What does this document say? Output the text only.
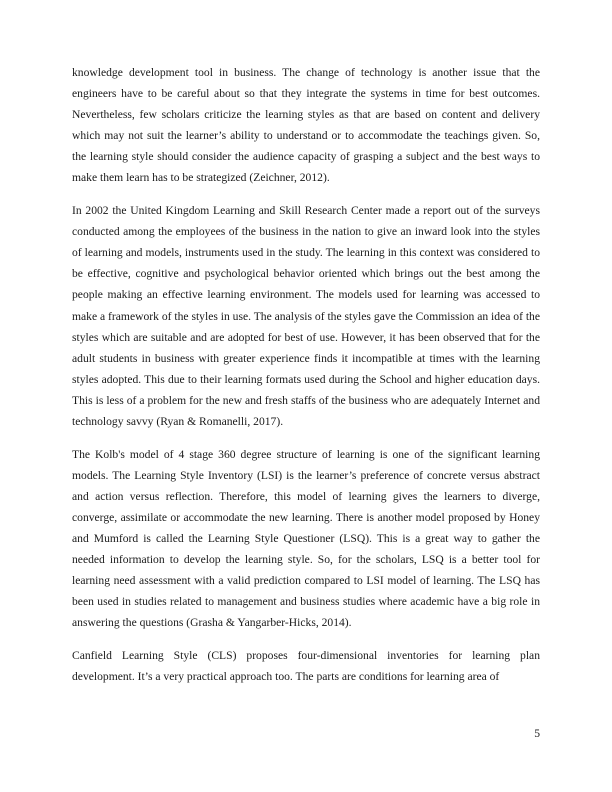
knowledge development tool in business. The change of technology is another issue that the engineers have to be careful about so that they integrate the systems in time for best outcomes. Nevertheless, few scholars criticize the learning styles as that are based on content and delivery which may not suit the learner’s ability to understand or to accommodate the teachings given. So, the learning style should consider the audience capacity of grasping a subject and the best ways to make them learn has to be strategized (Zeichner, 2012).

In 2002 the United Kingdom Learning and Skill Research Center made a report out of the surveys conducted among the employees of the business in the nation to give an inward look into the styles of learning and models, instruments used in the study. The learning in this context was considered to be effective, cognitive and psychological behavior oriented which brings out the best among the people making an effective learning environment. The models used for learning was accessed to make a framework of the styles in use. The analysis of the styles gave the Commission an idea of the styles which are suitable and are adopted for best of use. However, it has been observed that for the adult students in business with greater experience finds it incompatible at times with the learning styles adopted. This due to their learning formats used during the School and higher education days. This is less of a problem for the new and fresh staffs of the business who are adequately Internet and technology savvy (Ryan & Romanelli, 2017).

The Kolb's model of 4 stage 360 degree structure of learning is one of the significant learning models. The Learning Style Inventory (LSI) is the learner’s preference of concrete versus abstract and action versus reflection. Therefore, this model of learning gives the learners to diverge, converge, assimilate or accommodate the new learning. There is another model proposed by Honey and Mumford is called the Learning Style Questioner (LSQ). This is a great way to gather the needed information to develop the learning style. So, for the scholars, LSQ is a better tool for learning need assessment with a valid prediction compared to LSI model of learning. The LSQ has been used in studies related to management and business studies where academic have a big role in answering the questions (Grasha & Yangarber-Hicks, 2014).

Canfield Learning Style (CLS) proposes four-dimensional inventories for learning plan development. It’s a very practical approach too. The parts are conditions for learning area of

5
